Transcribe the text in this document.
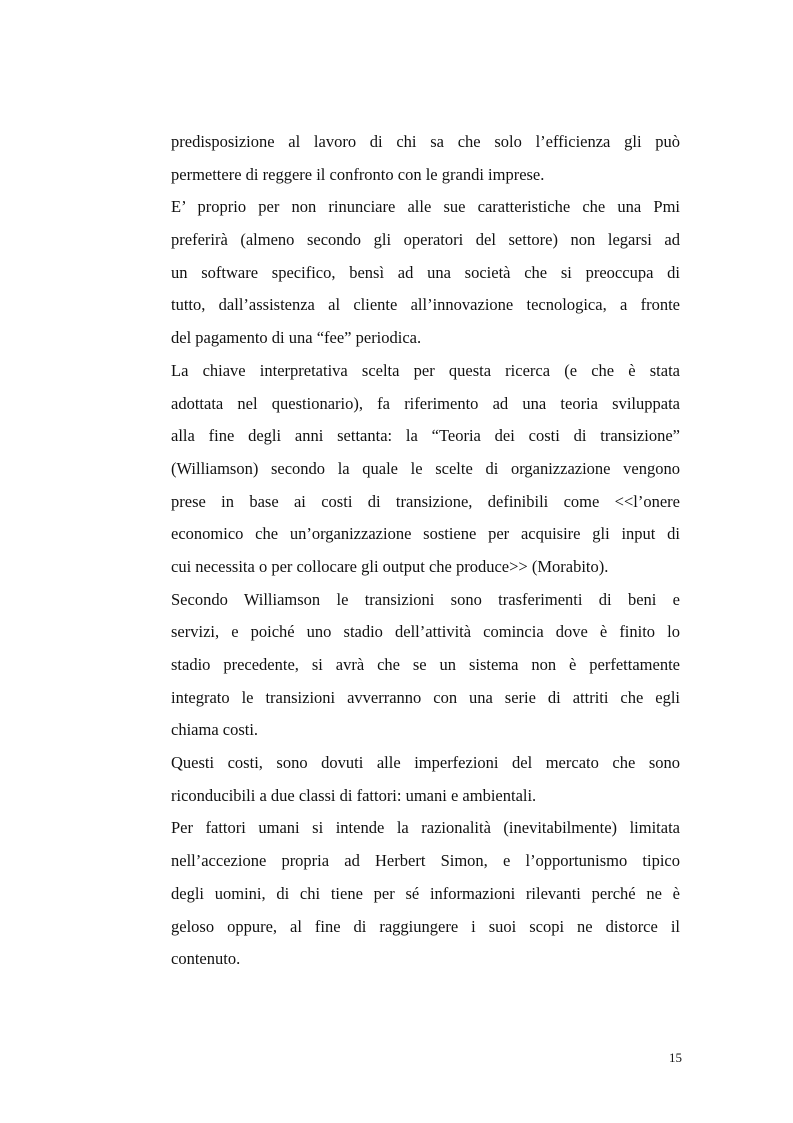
predisposizione al lavoro di chi sa che solo l’efficienza gli può
permettere di reggere il confronto con le grandi imprese.
E’ proprio per non rinunciare alle sue caratteristiche che una Pmi
preferirà (almeno secondo gli operatori del settore) non legarsi ad
un software specifico, bensì ad una società che si preoccupa di
tutto, dall’assistenza al cliente all’innovazione tecnologica, a fronte
del pagamento di una “fee” periodica.
La chiave interpretativa scelta per questa ricerca (e che è stata
adottata nel questionario), fa riferimento ad una teoria sviluppata
alla fine degli anni settanta: la “Teoria dei costi di transizione”
(Williamson) secondo la quale le scelte di organizzazione vengono
prese in base ai costi di transizione, definibili come <<l’onere
economico che un’organizzazione sostiene per acquisire gli input di
cui necessita o per collocare gli output che produce>> (Morabito).
Secondo Williamson le transizioni sono trasferimenti di beni e
servizi, e poiché uno stadio dell’attività comincia dove è finito lo
stadio precedente, si avrà che se un sistema non è perfettamente
integrato le transizioni avverranno con una serie di attriti che egli
chiama costi.
Questi costi, sono dovuti alle imperfezioni del mercato che sono
riconducibili a due classi di fattori: umani e ambientali.
Per fattori umani si intende la razionalità (inevitabilmente) limitata
nell’accezione propria ad Herbert Simon, e l’opportunismo tipico
degli uomini, di chi tiene per sé informazioni rilevanti perché ne è
geloso oppure, al fine di raggiungere i suoi scopi ne distorce il
contenuto.
15
